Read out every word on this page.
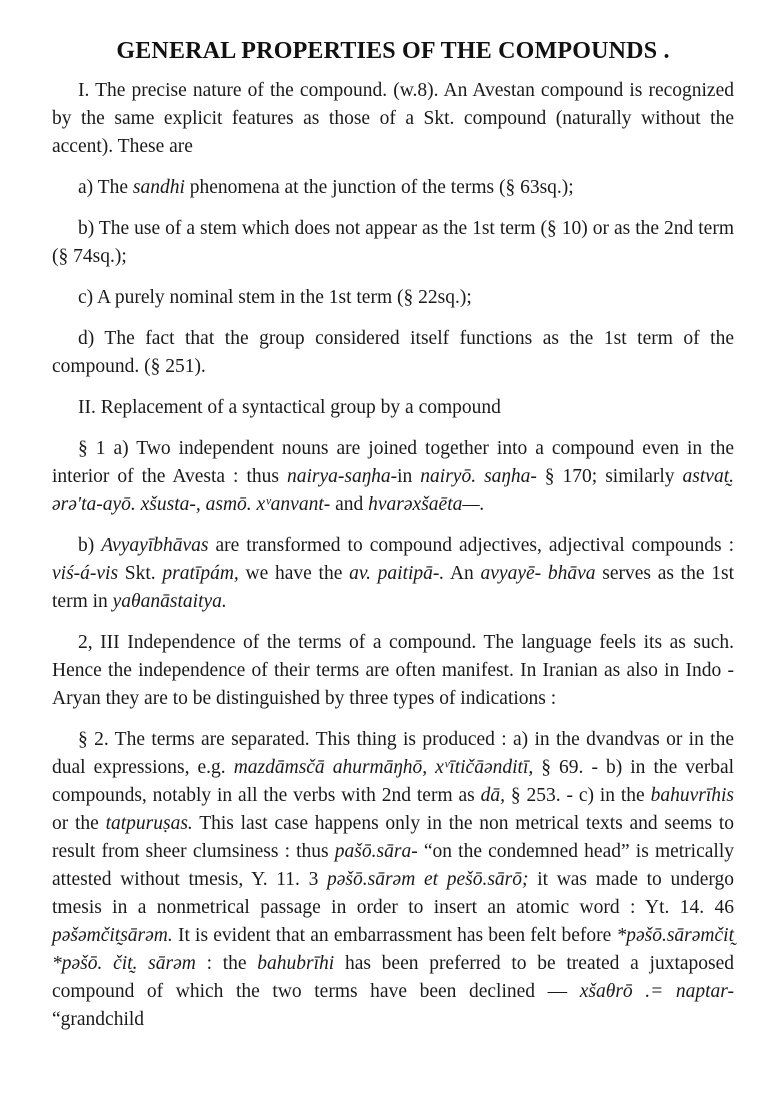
GENERAL PROPERTIES OF THE COMPOUNDS .

I. The precise nature of the compound. (w.8). An Avestan compound is recognized by the same explicit features as those of a Skt. compound (naturally without the accent). These are

a) The sandhi phenomena at the junction of the terms (§ 63sq.);

b) The use of a stem which does not appear as the 1st term (§ 10) or as the 2nd term (§ 74sq.);

c) A purely nominal stem in the 1st term (§ 22sq.);

d) The fact that the group considered itself functions as the 1st term of the compound. (§ 251).

II. Replacement of a syntactical group by a compound

§ 1 a) Two independent nouns are joined together into a compound even in the interior of the Avesta : thus nairya-saŋha-in nairyō. saŋha- § 170; similarly astvat̰. ərə'ta-ayō. xšusta-, asmō. xᵛanvant- and hvarəxšaēta—.

b) Avyayībhāvas are transformed to compound adjectives, adjectival compounds : viś-á-vis Skt. pratīpám, we have the av. paitipā-. An avyayē- bhāva serves as the 1st term in yaθanāstaitya.

2, III Independence of the terms of a compound. The language feels its as such. Hence the independence of their terms are often manifest. In Iranian as also in Indo - Aryan they are to be distinguished by three types of indications :

§ 2. The terms are separated. This thing is produced : a) in the dvandvas or in the dual expressions, e.g. mazdāmsčā ahurmāŋhō, xᵛītičāənditī, § 69. - b) in the verbal compounds, notably in all the verbs with 2nd term as dā, § 253. - c) in the bahuvrīhis or the tatpuruṣas. This last case happens only in the non metrical texts and seems to result from sheer clumsiness : thus pašō.sāra- “on the condemned head” is metrically attested without tmesis, Y. 11. 3 pəšō.sārəm et pešō.sārō; it was made to undergo tmesis in a nonmetrical passage in order to insert an atomic word : Yt. 14. 46 pəšəmčit̰sārəm. It is evident that an embarrassment has been felt before *pəšō.sārəmčit̰ *pəšō. čit̰. sārəm : the bahubrīhi has been preferred to be treated a juxtaposed compound of which the two terms have been declined — xšaθrō .= naptar- “grandchild
